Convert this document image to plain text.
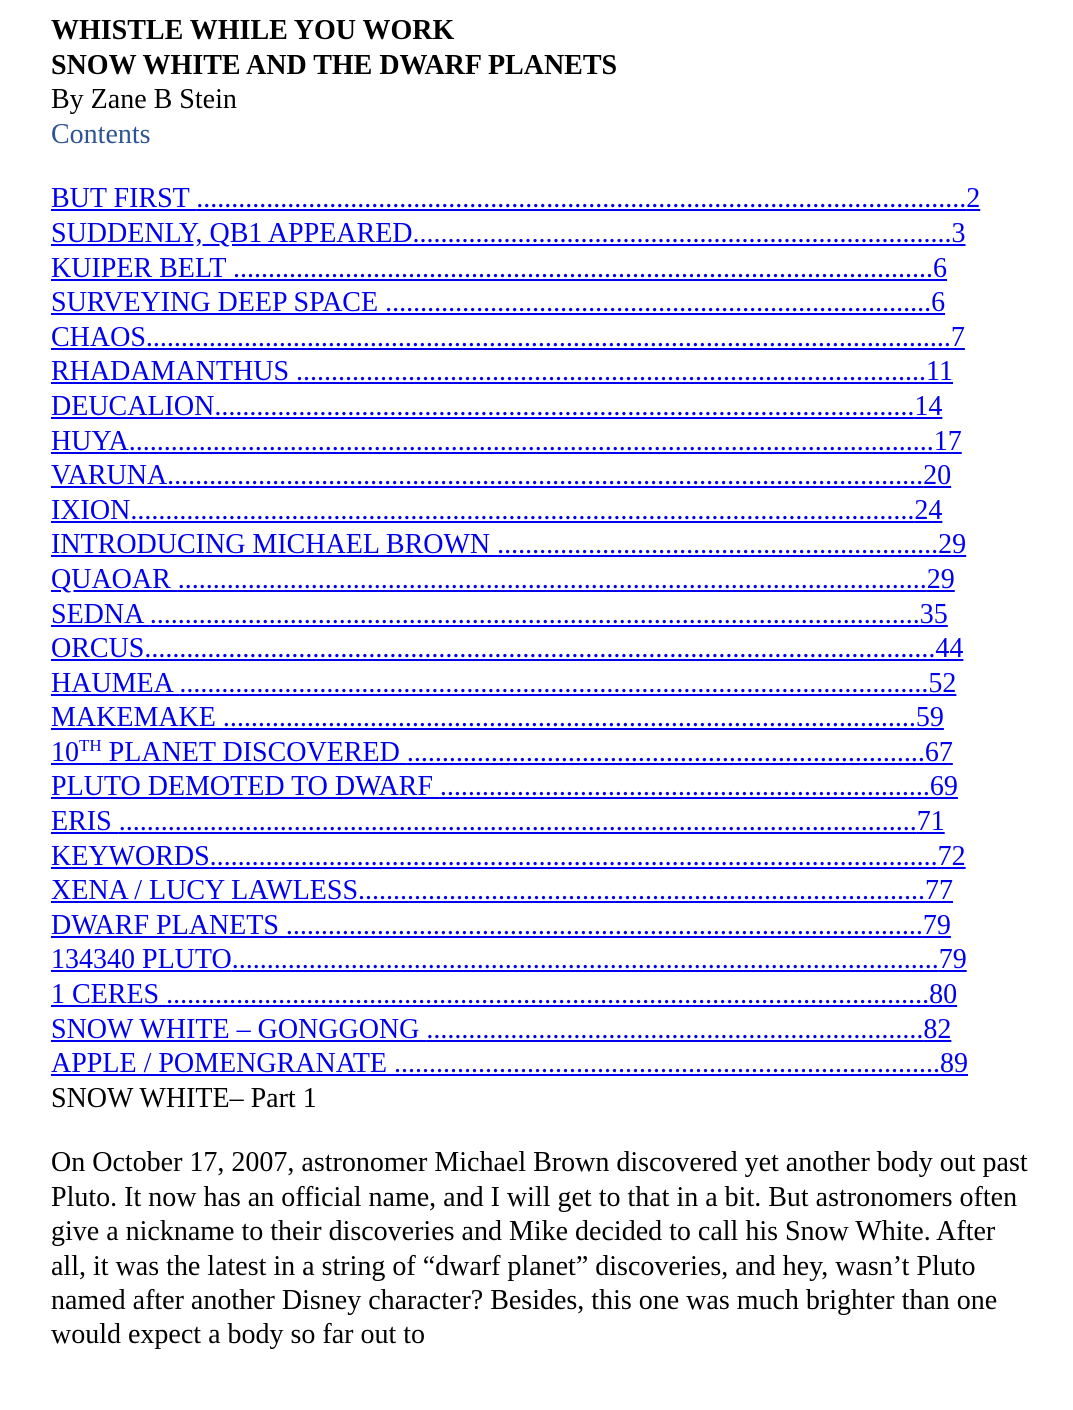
WHISTLE WHILE YOU WORK
SNOW WHITE AND THE DWARF PLANETS

By Zane B Stein

Contents

BUT FIRST ..............................................................................................................2
SUDDENLY, QB1 APPEARED.............................................................................3
KUIPER BELT ....................................................................................................6
SURVEYING DEEP SPACE ..............................................................................6
CHAOS...................................................................................................................7
RHADAMANTHUS ..........................................................................................11
DEUCALION....................................................................................................14
HUYA...................................................................................................................17
VARUNA............................................................................................................20
IXION................................................................................................................24
INTRODUCING MICHAEL BROWN ...............................................................29
QUAOAR ...........................................................................................................29
SEDNA ..............................................................................................................35
ORCUS.................................................................................................................44
HAUMEA ...........................................................................................................52
MAKEMAKE ...................................................................................................59
10TH PLANET DISCOVERED ..........................................................................67
PLUTO DEMOTED TO DWARF ......................................................................69
ERIS ..................................................................................................................71
KEYWORDS........................................................................................................72
XENA / LUCY LAWLESS.................................................................................77
DWARF PLANETS ...........................................................................................79
134340 PLUTO.....................................................................................................79
1 CERES .............................................................................................................80
SNOW WHITE – GONGGONG .......................................................................82
APPLE / POMENGRANATE ..............................................................................89

SNOW WHITE– Part 1

On October 17, 2007, astronomer Michael Brown discovered yet another body out past Pluto. It now has an official name, and I will get to that in a bit. But astronomers often give a nickname to their discoveries and Mike decided to call his Snow White. After all, it was the latest in a string of “dwarf planet” discoveries, and hey, wasn’t Pluto named after another Disney character? Besides, this one was much brighter than one would expect a body so far out to
